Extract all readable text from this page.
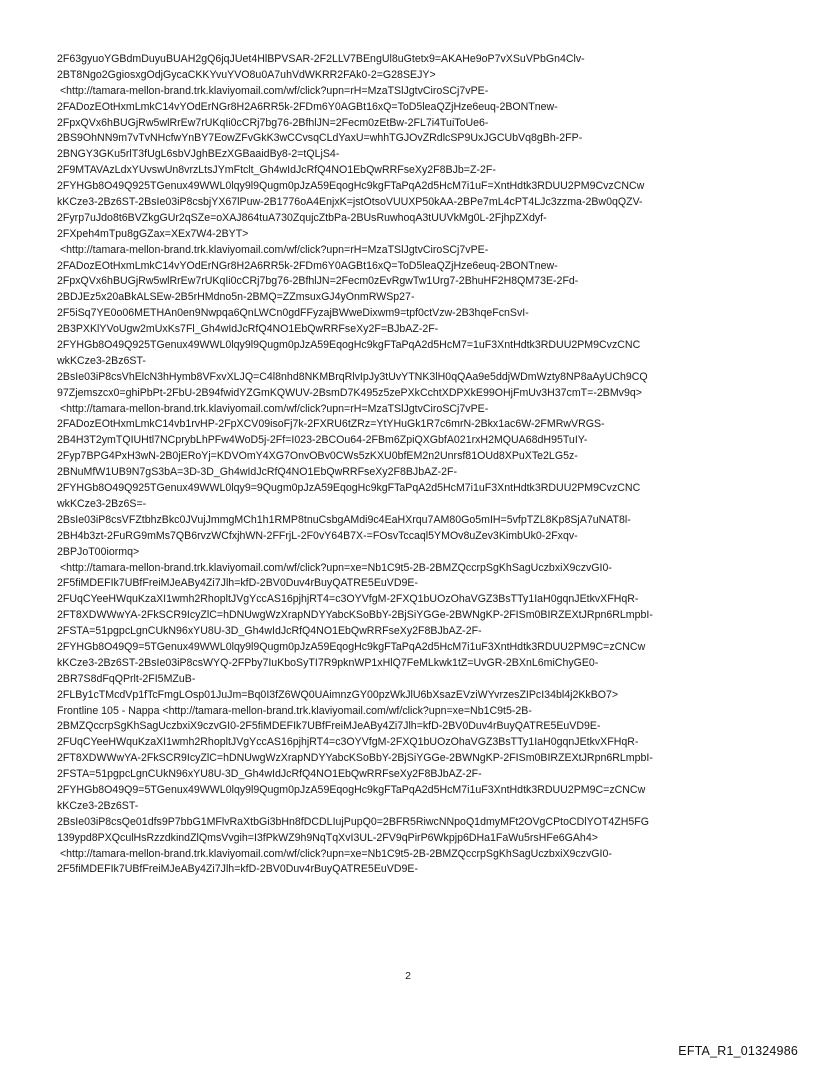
2F63gyuoYGBdmDuyuBUAH2gQ6jqJUet4HlBPVSAR-2F2LLV7BEngUl8uGtetx9=AKAHe9oP7vXSuVPbGn4Clv-
2BT8Ngo2GgiosxgOdjGycaCKKYvuYVO8u0A7uhVdWKRR2FAk0-2=G28SEJY>
<http://tamara-mellon-brand.trk.klaviyomail.com/wf/click?upn=rH=MzaTSlJgtvCiroSCj7vPE-
2FADozEOtHxmLmkC14vYOdErNGr8H2A6RR5k-2FDm6Y0AGBt16xQ=ToD5leaQZjHze6euq-2BONTnew-
2FpxQVx6hBUGjRw5wlRrEw7rUKqIi0cCRj7bg76-2BfhlJN=2Fecm0zEtBw-2FL7i4TuiToUe6-
2BS9OhNN9m7vTvNHcfwYnBY7EowZFvGkK3wCCvsqCLdYaxU=whhTGJOvZRdlcSP9UxJGCUbVq8gBh-2FP-
2BNGY3GKu5rlT3fUgL6sbVJghBEzXGBaaidBy8-2=tQLjS4-
2F9MTAVAzLdxYUvswUn8vrzLtsJYmFtclt_Gh4wIdJcRfQ4NO1EbQwRRFseXy2F8BJb=Z-2F-
2FYHGb8O49Q925TGenux49WWL0lqy9l9Qugm0pJzA59EqogHc9kgFTaPqA2d5HcM7i1uF=XntHdtk3RDUU2PM9CvzCNCw
kKCze3-2Bz6ST-2BsIe03iP8csbjYX67lPuw-2B1776oA4EnjxK=jstOtsoVUUXP50kAA-2BPe7mL4cPT4LJc3zzma-2Bw0qQZV-
2Fyrp7uJdo8t6BVZkgGUr2qSZe=oXAJ864tuA730ZqujcZtbPa-2BUsRuwhoqA3tUUVkMg0L-2FjhpZXdyf-
2FXpeh4mTpu8gGZax=XEx7W4-2BYT>
<http://tamara-mellon-brand.trk.klaviyomail.com/wf/click?upn=rH=MzaTSlJgtvCiroSCj7vPE-
2FADozEOtHxmLmkC14vYOdErNGr8H2A6RR5k-2FDm6Y0AGBt16xQ=ToD5leaQZjHze6euq-2BONTnew-
2FpxQVx6hBUGjRw5wlRrEw7rUKqIi0cCRj7bg76-2BfhlJN=2Fecm0zEvRgwTw1Urg7-2BhuHF2H8QM73E-2Fd-
2BDJEz5x20aBkALSEw-2B5rHMdno5n-2BMQ=ZZmsuxGJ4yOnmRWSp27-
2F5iSq7YE0o06METHAn0en9Nwpqa6QnLWCn0gdFFyzajBWweDixwm9=tpf0ctVzw-2B3hqeFcnSvI-
2B3PXKlYVoUgw2mUxKs7Fl_Gh4wIdJcRfQ4NO1EbQwRRFseXy2F=BJbAZ-2F-
2FYHGb8O49Q925TGenux49WWL0lqy9l9Qugm0pJzA59EqogHc9kgFTaPqA2d5HcM7=1uF3XntHdtk3RDUU2PM9CvzCNC
wkKCze3-2Bz6ST-
2BsIe03iP8csVhElcN3hHymb8VFxvXLJQ=C4l8nhd8NKMBrqRlvIpJy3tUvYTNK3lH0qQAa9e5ddjWDmWzty8NP8aAyUCh9CQ
97Zjemszcx0=ghiPbPt-2FbU-2B94fwidYZGmKQWUV-2BsmD7K495z5zePXkCchtXDPXkE99OHjFmUv3H37cmT=-2BMv9q>
<http://tamara-mellon-brand.trk.klaviyomail.com/wf/click?upn=rH=MzaTSlJgtvCiroSCj7vPE-
2FADozEOtHxmLmkC14vb1rvHP-2FpXCV09isoFj7k-2FXRU6tZRz=YtYHuGk1R7c6mrN-2Bkx1ac6W-2FMRwVRGS-
2B4H3T2ymTQIUHtl7NCprybLhPFw4WoD5j-2Ff=I023-2BCOu64-2FBm6ZpiQXGbfA021rxH2MQUA68dH95TuIY-
2Fyp7BPG4PxH3wN-2B0jERoYj=KDVOmY4XG7OnvOBv0CWs5zKXU0bfEM2n2Unrsf81OUd8XPuXTe2LG5z-
2BNuMfW1UB9N7gS3bA=3D-3D_Gh4wIdJcRfQ4NO1EbQwRRFseXy2F8BJbAZ-2F-
2FYHGb8O49Q925TGenux49WWL0lqy9=9Qugm0pJzA59EqogHc9kgFTaPqA2d5HcM7i1uF3XntHdtk3RDUU2PM9CvzCNC
wkKCze3-2Bz6S=-
2BsIe03iP8csVFZtbhzBkc0JVujJmmgMCh1h1RMP8tnuCsbgAMdi9c4EaHXrqu7AM80Go5mIH=5vfpTZL8Kp8SjA7uNAT8l-
2BH4b3zt-2FuRG9mMs7QB6rvzWCfxjhWN-2FFrjL-2F0vY64B7X-=FOsvTccaql5YMOv8uZev3KimbUk0-2Fxqv-
2BPJoT00iormq>
<http://tamara-mellon-brand.trk.klaviyomail.com/wf/click?upn=xe=Nb1C9t5-2B-2BMZQccrpSgKhSagUczbxiX9czvGI0-
2F5fiMDEFIk7UBfFreiMJeABy4Zi7Jlh=kfD-2BV0Duv4rBuyQATRE5EuVD9E-
2FUqCYeeHWquKzaXI1wmh2RhopltJVgYccAS16pjhjRT4=c3OYVfgM-2FXQ1bUOzOhaVGZ3BsTTy1IaH0gqnJEtkvXFHqR-
2FT8XDWWwYA-2FkSCR9IcyZlC=hDNUwgWzXrapNDYYabcKSoBbY-2BjSiYGGe-2BWNgKP-2FISm0BIRZEXtJRpn6RLmpbI-
2FSTA=51pgpcLgnCUkN96xYU8U-3D_Gh4wIdJcRfQ4NO1EbQwRRFseXy2F8BJbAZ-2F-
2FYHGb8O49Q9=5TGenux49WWL0lqy9l9Qugm0pJzA59EqogHc9kgFTaPqA2d5HcM7i1uF3XntHdtk3RDUU2PM9C=zCNCw
kKCze3-2Bz6ST-2BsIe03iP8csWYQ-2FPby7IuKboSyTI7R9pknWP1xHlQ7FeMLkwk1tZ=UvGR-2BXnL6miChyGE0-
2BR7S8dFqQPrlt-2FI5MZuB-
2FLBy1cTMcdVp1fTcFmgLOsp01JuJm=Bq0I3fZ6WQ0UAimnzGY00pzWkJlU6bXsazEVziWYvrzesZIPcI34bl4j2KkBO7>
Frontline 105 - Nappa <http://tamara-mellon-brand.trk.klaviyomail.com/wf/click?upn=xe=Nb1C9t5-2B-
2BMZQccrpSgKhSagUczbxiX9czvGI0-2F5fiMDEFIk7UBfFreiMJeABy4Zi7Jlh=kfD-2BV0Duv4rBuyQATRE5EuVD9E-
2FUqCYeeHWquKzaXI1wmh2RhopltJVgYccAS16pjhjRT4=c3OYVfgM-2FXQ1bUOzOhaVGZ3BsTTy1IaH0gqnJEtkvXFHqR-
2FT8XDWWwYA-2FkSCR9IcyZlC=hDNUwgWzXrapNDYYabcKSoBbY-2BjSiYGGe-2BWNgKP-2FISm0BIRZEXtJRpn6RLmpbI-
2FSTA=51pgpcLgnCUkN96xYU8U-3D_Gh4wIdJcRfQ4NO1EbQwRRFseXy2F8BJbAZ-2F-
2FYHGb8O49Q9=5TGenux49WWL0lqy9l9Qugm0pJzA59EqogHc9kgFTaPqA2d5HcM7i1uF3XntHdtk3RDUU2PM9C=zCNCw
kKCze3-2Bz6ST-
2BsIe03iP8csQe01dfs9P7bbG1MFlvRaXtbGi3bHn8fDCDLIujPupQ0=2BFR5RiwcNNpoQ1dmyMFt2OVgCPtoCDlYOT4ZH5FG
139ypd8PXQculHsRzzdkindZlQmsVvgih=I3fPkWZ9h9NqTqXvI3UL-2FV9qPirP6Wkpjp6DHa1FaWu5rsHFe6GAh4>
<http://tamara-mellon-brand.trk.klaviyomail.com/wf/click?upn=xe=Nb1C9t5-2B-2BMZQccrpSgKhSagUczbxiX9czvGI0-
2F5fiMDEFIk7UBfFreiMJeABy4Zi7Jlh=kfD-2BV0Duv4rBuyQATRE5EuVD9E-
2
EFTA_R1_01324986
